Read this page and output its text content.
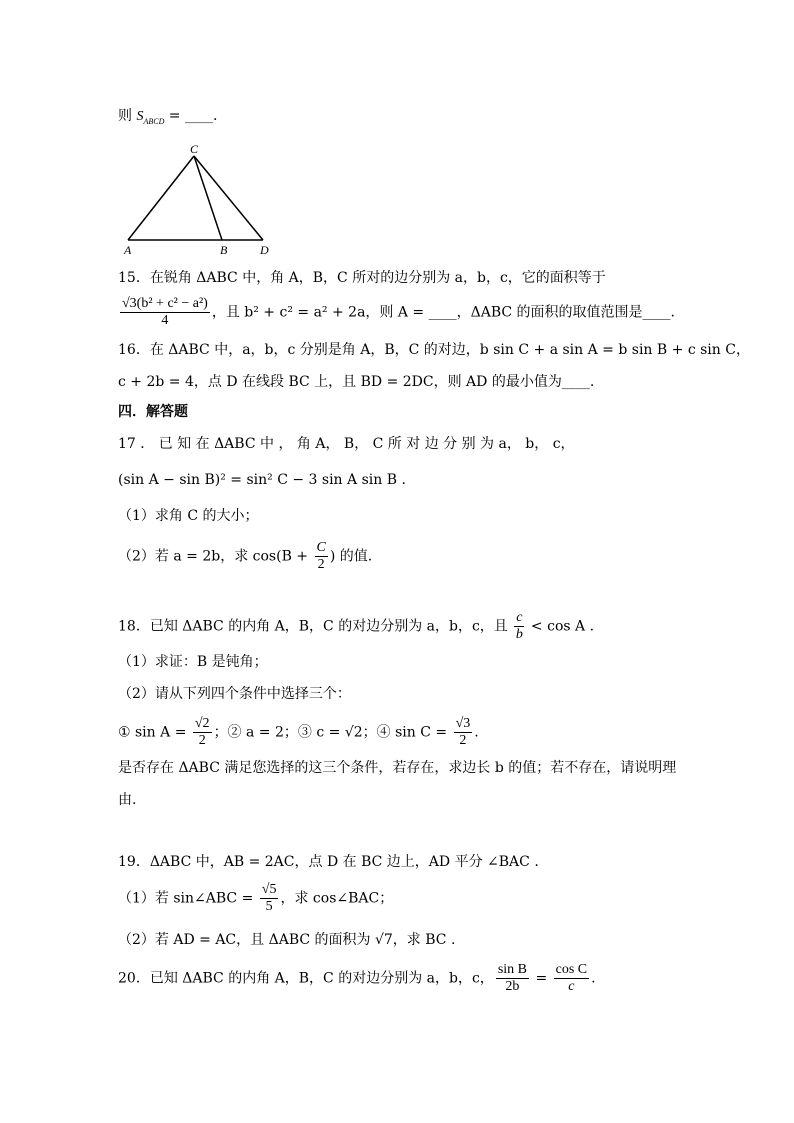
则 $S_{ABCD}$ = ____.
C
A	B	D
15．在锐角 ΔABC 中，角 A，B，C 所对的边分别为 a，b，c，它的面积等于
$\frac{\text{√3(b² + c² − a²)}}{4}$ ，且 b² + c² = a² + 2a，则 A = ____，ΔABC 的面积的取值范围是____.
16．在 ΔABC 中，a，b，c 分别是角 A，B，C 的对边，b sin C + a sin A = b sin B + c sin C，
c + 2b = 4，点 D 在线段 BC 上，且 BD = 2DC，则 AD 的最小值为____.
四．解答题
17 ． 已 知 在 ΔABC 中 ， 角 A， B， C 所 对 边 分 别 为 a， b， c，
(sin A − sin B)² = sin² C − 3 sin A sin B .
（1）求角 C 的大小；
（2）若 a = 2b，求 $\cos(B + \frac{C}{2}$ ) 的值.
18．已知 ΔABC 的内角 A，B，C 的对边分别为 a，b，c，且 $\frac{c}{b} < \cos A$ .
（1）求证：B 是钝角；
（2）请从下列四个条件中选择三个：
① $\sin A = \frac{√2}{2}$ ；② a = 2；③ c = √2；④ $\sin C = \frac{√3}{2}$ .
是否存在 ΔABC 满足您选择的这三个条件，若存在，求边长 b 的值；若不存在，请说明理
由.
19．ΔABC 中，AB = 2AC，点 D 在 BC 边上，AD 平分 ∠BAC .
（1）若 sin∠ABC = $\frac{√5}{5}$ ，求 cos∠BAC；
（2）若 AD = AC，且 ΔABC 的面积为 √7，求 BC .
20．已知 ΔABC 的内角 A，B，C 的对边分别为 a，b，c， $\frac{\text{sin B}}{2b} = \frac{\text{cos C}}{c}$ .
